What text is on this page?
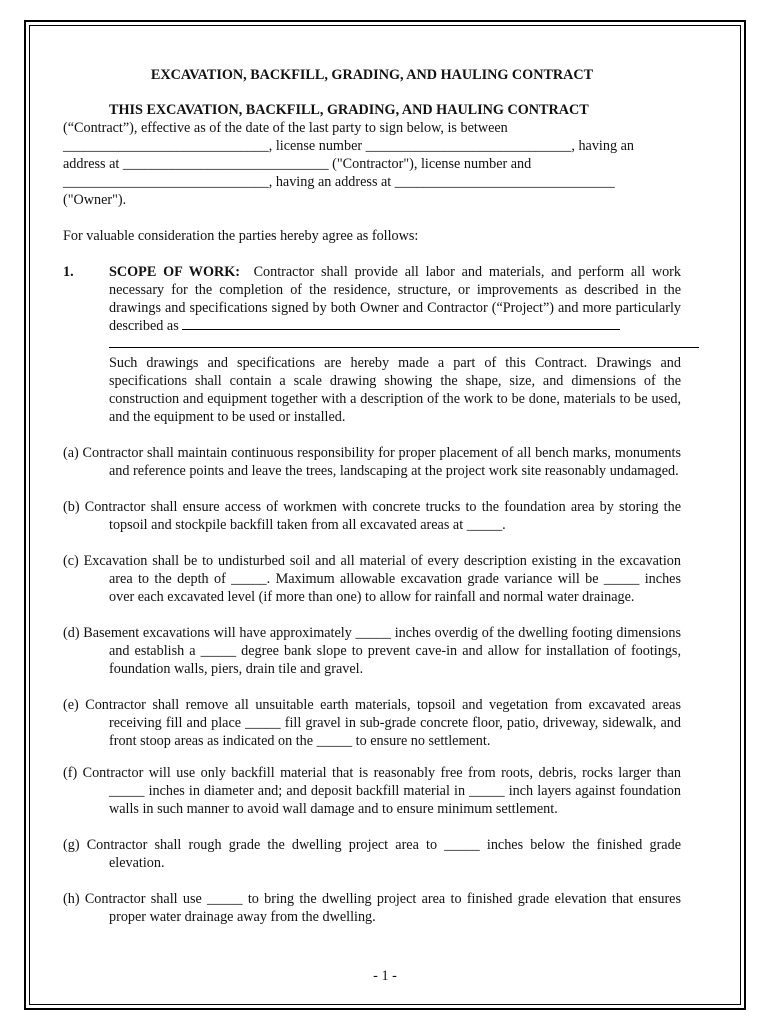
EXCAVATION, BACKFILL, GRADING, AND HAULING CONTRACT

THIS EXCAVATION, BACKFILL, GRADING, AND HAULING CONTRACT

(“Contract”), effective as of the date of the last party to sign below, is between

_____________________________, license number _____________________________, having an

address at _____________________________ ("Contractor"), license number and

_____________________________, having an address at _______________________________

("Owner").

For valuable consideration the parties hereby agree as follows:

1. SCOPE OF WORK: Contractor shall provide all labor and materials, and perform all work necessary for the completion of the residence, structure, or improvements as described in the drawings and specifications signed by both Owner and Contractor (“Project”) and more particularly described as

Such drawings and specifications are hereby made a part of this Contract. Drawings and specifications shall contain a scale drawing showing the shape, size, and dimensions of the construction and equipment together with a description of the work to be done, materials to be used, and the equipment to be used or installed.

(a) Contractor shall maintain continuous responsibility for proper placement of all bench marks, monuments and reference points and leave the trees, landscaping at the project work site reasonably undamaged.

(b) Contractor shall ensure access of workmen with concrete trucks to the foundation area by storing the topsoil and stockpile backfill taken from all excavated areas at _____.

(c) Excavation shall be to undisturbed soil and all material of every description existing in the excavation area to the depth of _____. Maximum allowable excavation grade variance will be _____ inches over each excavated level (if more than one) to allow for rainfall and normal water drainage.

(d) Basement excavations will have approximately _____ inches overdig of the dwelling footing dimensions and establish a _____ degree bank slope to prevent cave-in and allow for installation of footings, foundation walls, piers, drain tile and gravel.

(e) Contractor shall remove all unsuitable earth materials, topsoil and vegetation from excavated areas receiving fill and place _____ fill gravel in sub-grade concrete floor, patio, driveway, sidewalk, and front stoop areas as indicated on the _____ to ensure no settlement.

(f) Contractor will use only backfill material that is reasonably free from roots, debris, rocks larger than _____ inches in diameter and; and deposit backfill material in _____ inch layers against foundation walls in such manner to avoid wall damage and to ensure minimum settlement.

(g) Contractor shall rough grade the dwelling project area to _____ inches below the finished grade elevation.

(h) Contractor shall use _____ to bring the dwelling project area to finished grade elevation that ensures proper water drainage away from the dwelling.

- 1 -
